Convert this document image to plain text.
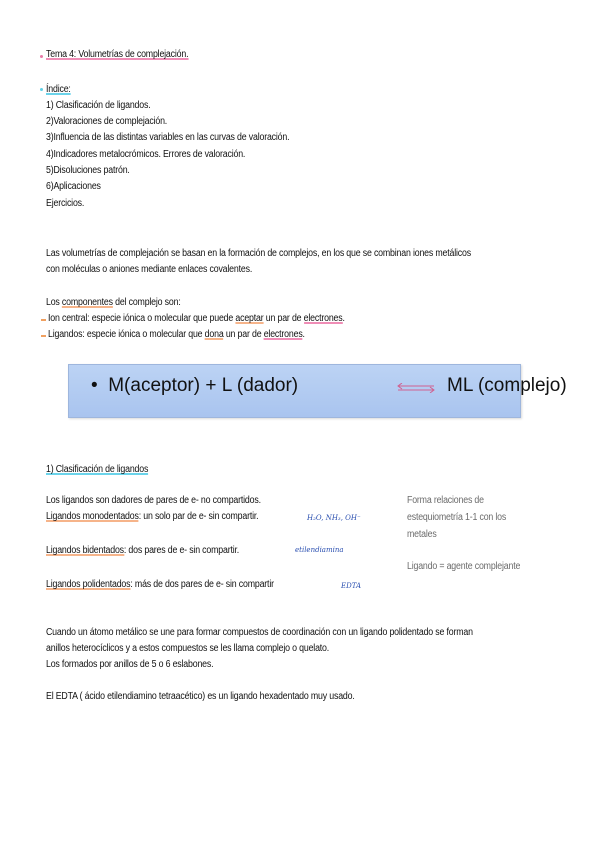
Tema 4: Volumetrías de complejación.
Índice:
1) Clasificación de ligandos.
2)Valoraciones de complejación.
3)Influencia de las distintas variables en las curvas de valoración.
4)Indicadores metalocrómicos. Errores de valoración.
5)Disoluciones patrón.
6)Aplicaciones
Ejercicios.
Las volumetrías de complejación se basan en la formación de complejos, en los que se combinan iones metálicos
con moléculas o aniones mediante enlaces covalentes.
Los componentes del complejo son:
Ion central: especie iónica o molecular que puede aceptar un par de electrones.
Ligandos: especie iónica o molecular que dona un par de electrones.
• M(aceptor) + L (dador)	⇌ ML (complejo)
1) Clasificación de ligandos
Los ligandos son dadores de pares de e- no compartidos.
Ligandos monodentados: un solo par de e- sin compartir.	H₂O, NH₃, OH⁻
Ligandos bidentados: dos pares de e- sin compartir.	etilendiamina
Ligandos polidentados: más de dos pares de e- sin compartir	EDTA
Forma relaciones de
estequiometría 1-1 con los
metales
Ligando = agente complejante
Cuando un átomo metálico se une para formar compuestos de coordinación con un ligando polidentado se forman
anillos heterocíclicos y a estos compuestos se les llama complejo o quelato.
Los formados por anillos de 5 o 6 eslabones.
El EDTA ( ácido etilendiamino tetraacético) es un ligando hexadentado muy usado.
